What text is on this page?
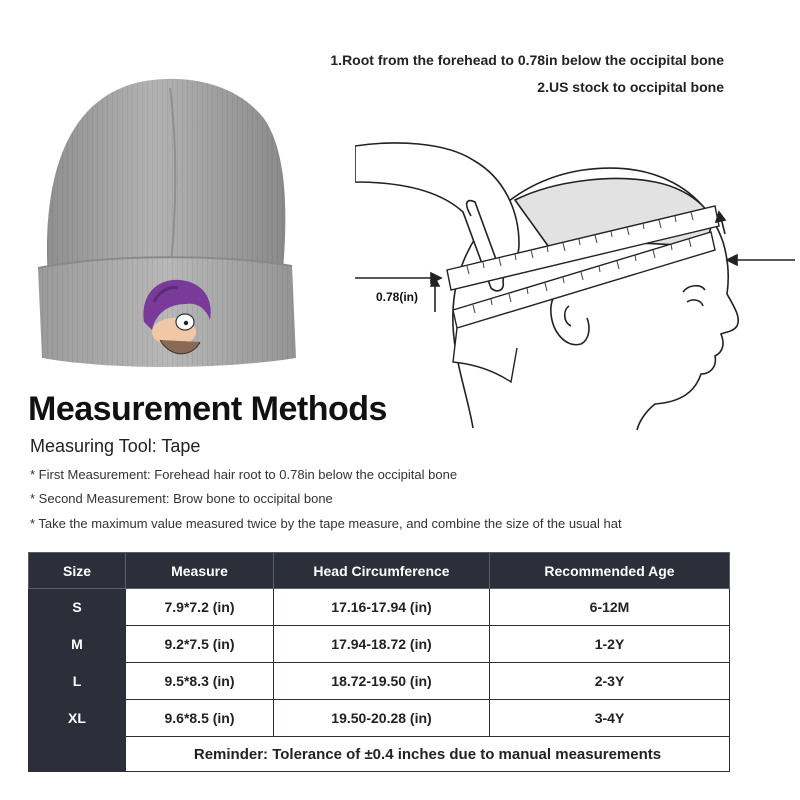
1.Root from the forehead to 0.78in below the occipital bone
2.US stock to occipital bone
0.78(in)
Measurement Methods
Measuring Tool: Tape
* First Measurement: Forehead hair root to 0.78in below the occipital bone
* Second Measurement: Brow bone to occipital bone
* Take the maximum value measured twice by the tape measure, and combine the size of the usual hat
Size	Measure	Head Circumference	Recommended Age
S	7.9*7.2 (in)	17.16-17.94 (in)	6-12M
M	9.2*7.5 (in)	17.94-18.72 (in)	1-2Y
L	9.5*8.3 (in)	18.72-19.50 (in)	2-3Y
XL	9.6*8.5 (in)	19.50-20.28 (in)	3-4Y
	Reminder: Tolerance of ±0.4 inches due to manual measurements		
